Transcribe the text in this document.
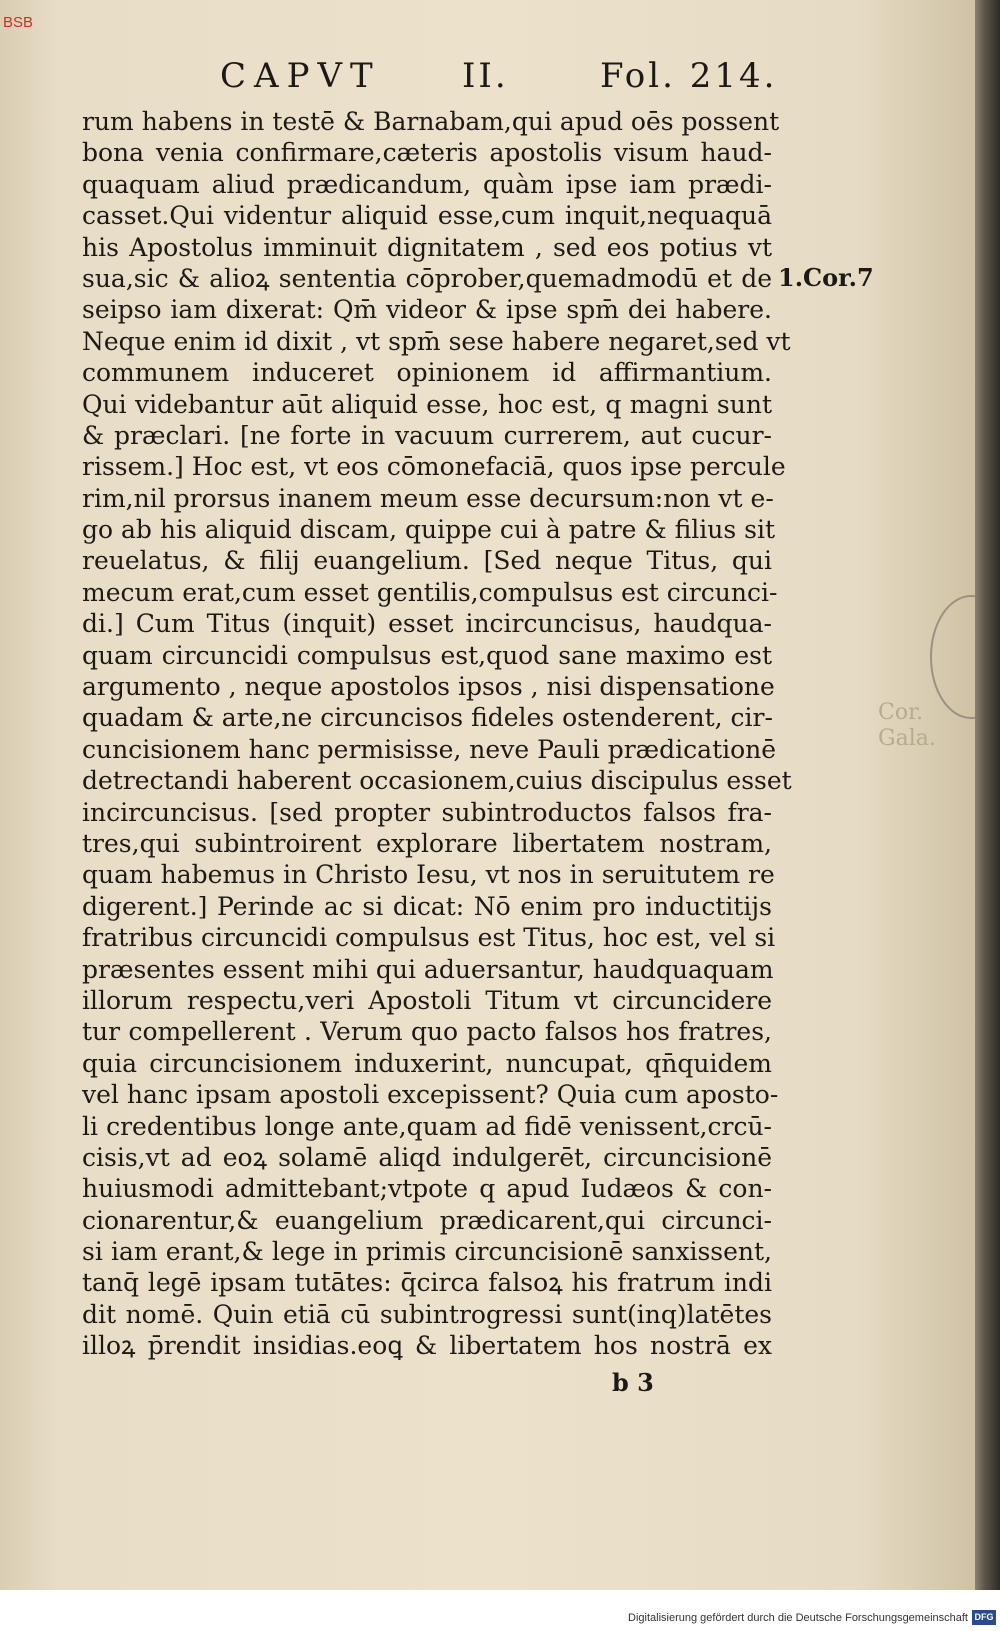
BSB
CAPVT II.	Fol. 214.
rum habens in testē & Barnabam,qui apud oēs possent
bona venia confirmare,cæteris apostolis visum haud-
quaquam aliud prædicandum, quàm ipse iam prædi-
casset.Qui videntur aliquid esse,cum inquit,nequaquā
his Apostolus imminuit dignitatem , sed eos potius vt
sua,sic & alioꝝ sententia cōprober,quemadmodū et de
seipso iam dixerat: Qm̄ videor & ipse spm̄ dei habere.
Neque enim id dixit , vt spm̄ sese habere negaret,sed vt
communem induceret opinionem id affirmantium.
Qui videbantur aūt aliquid esse, hoc est, q magni sunt
& præclari. [ne forte in vacuum currerem, aut cucur-
rissem.] Hoc est, vt eos cōmonefaciā, quos ipse percule
rim,nil prorsus inanem meum esse decursum:non vt e-
go ab his aliquid discam, quippe cui à patre & filius sit
reuelatus, & filij euangelium. [Sed neque Titus, qui
mecum erat,cum esset gentilis,compulsus est circunci-
di.] Cum Titus (inquit) esset incircuncisus, haudqua-
quam circuncidi compulsus est,quod sane maximo est
argumento , neque apostolos ipsos , nisi dispensatione
quadam & arte,ne circuncisos fideles ostenderent, cir-
cuncisionem hanc permisisse, neve Pauli prædicationē
detrectandi haberent occasionem,cuius discipulus esset
incircuncisus. [sed propter subintroductos falsos fra-
tres,qui subintroirent explorare libertatem nostram,
quam habemus in Christo Iesu, vt nos in seruitutem re
digerent.] Perinde ac si dicat: Nō enim pro inductitijs
fratribus circuncidi compulsus est Titus, hoc est, vel si
præsentes essent mihi qui aduersantur, haudquaquam
illorum respectu,veri Apostoli Titum vt circuncidere
tur compellerent . Verum quo pacto falsos hos fratres,
quia circuncisionem induxerint, nuncupat, qn̄quidem
vel hanc ipsam apostoli excepissent? Quia cum aposto-
li credentibus longe ante,quam ad fidē venissent,crcū-
cisis,vt ad eoꝝ solamē aliqd indulgerēt, circuncisionē
huiusmodi admittebant;vtpote q apud Iudæos & con-
cionarentur,& euangelium prædicarent,qui circunci-
si iam erant,& lege in primis circuncisionē sanxissent,
tanq̄ legē ipsam tutātes: q̄circa falsoꝝ his fratrum indi
dit nomē. Quin etiā cū subintrogressi sunt(inq)latētes
illoꝝ p̄rendit insidias.eoꝗ & libertatem hos nostrā ex
1.Cor.7
Cor.
Gala.
b 3
Digitalisierung gefördert durch die Deutsche Forschungsgemeinschaft DFG
